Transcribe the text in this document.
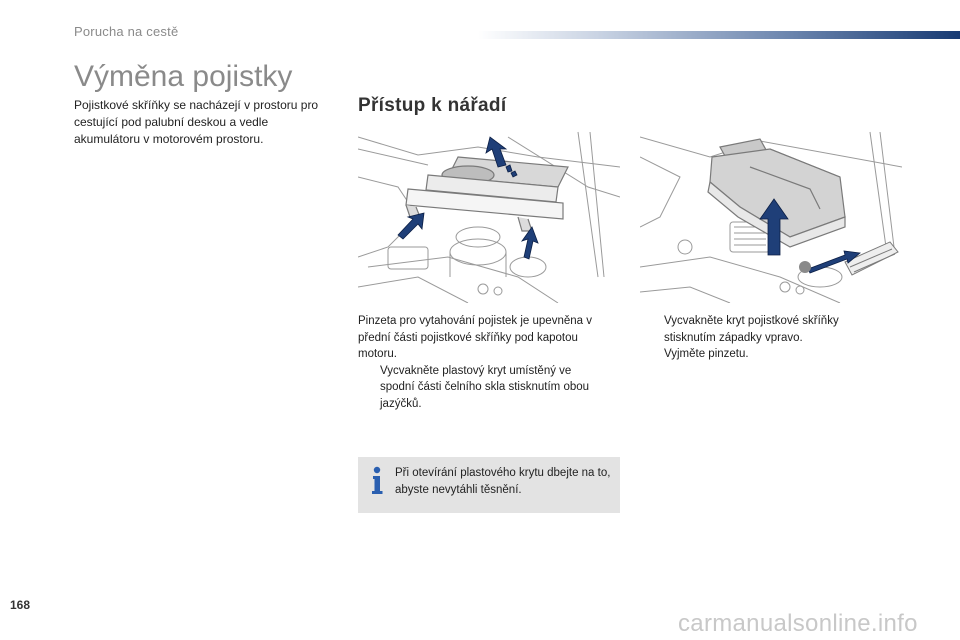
Porucha na cestě
Výměna pojistky
Pojistkové skříňky se nacházejí v prostoru pro cestující pod palubní deskou a vedle akumulátoru v motorovém prostoru.
Přístup k nářadí
Pinzeta pro vytahování pojistek je upevněna v přední části pojistkové skříňky pod kapotou motoru.
Vycvakněte plastový kryt umístěný ve spodní části čelního skla stisknutím obou jazýčků.
Vycvakněte kryt pojistkové skříňky stisknutím západky vpravo.
Vyjměte pinzetu.
Při otevírání plastového krytu dbejte na to, abyste nevytáhli těsnění.
168
carmanualsonline.info
